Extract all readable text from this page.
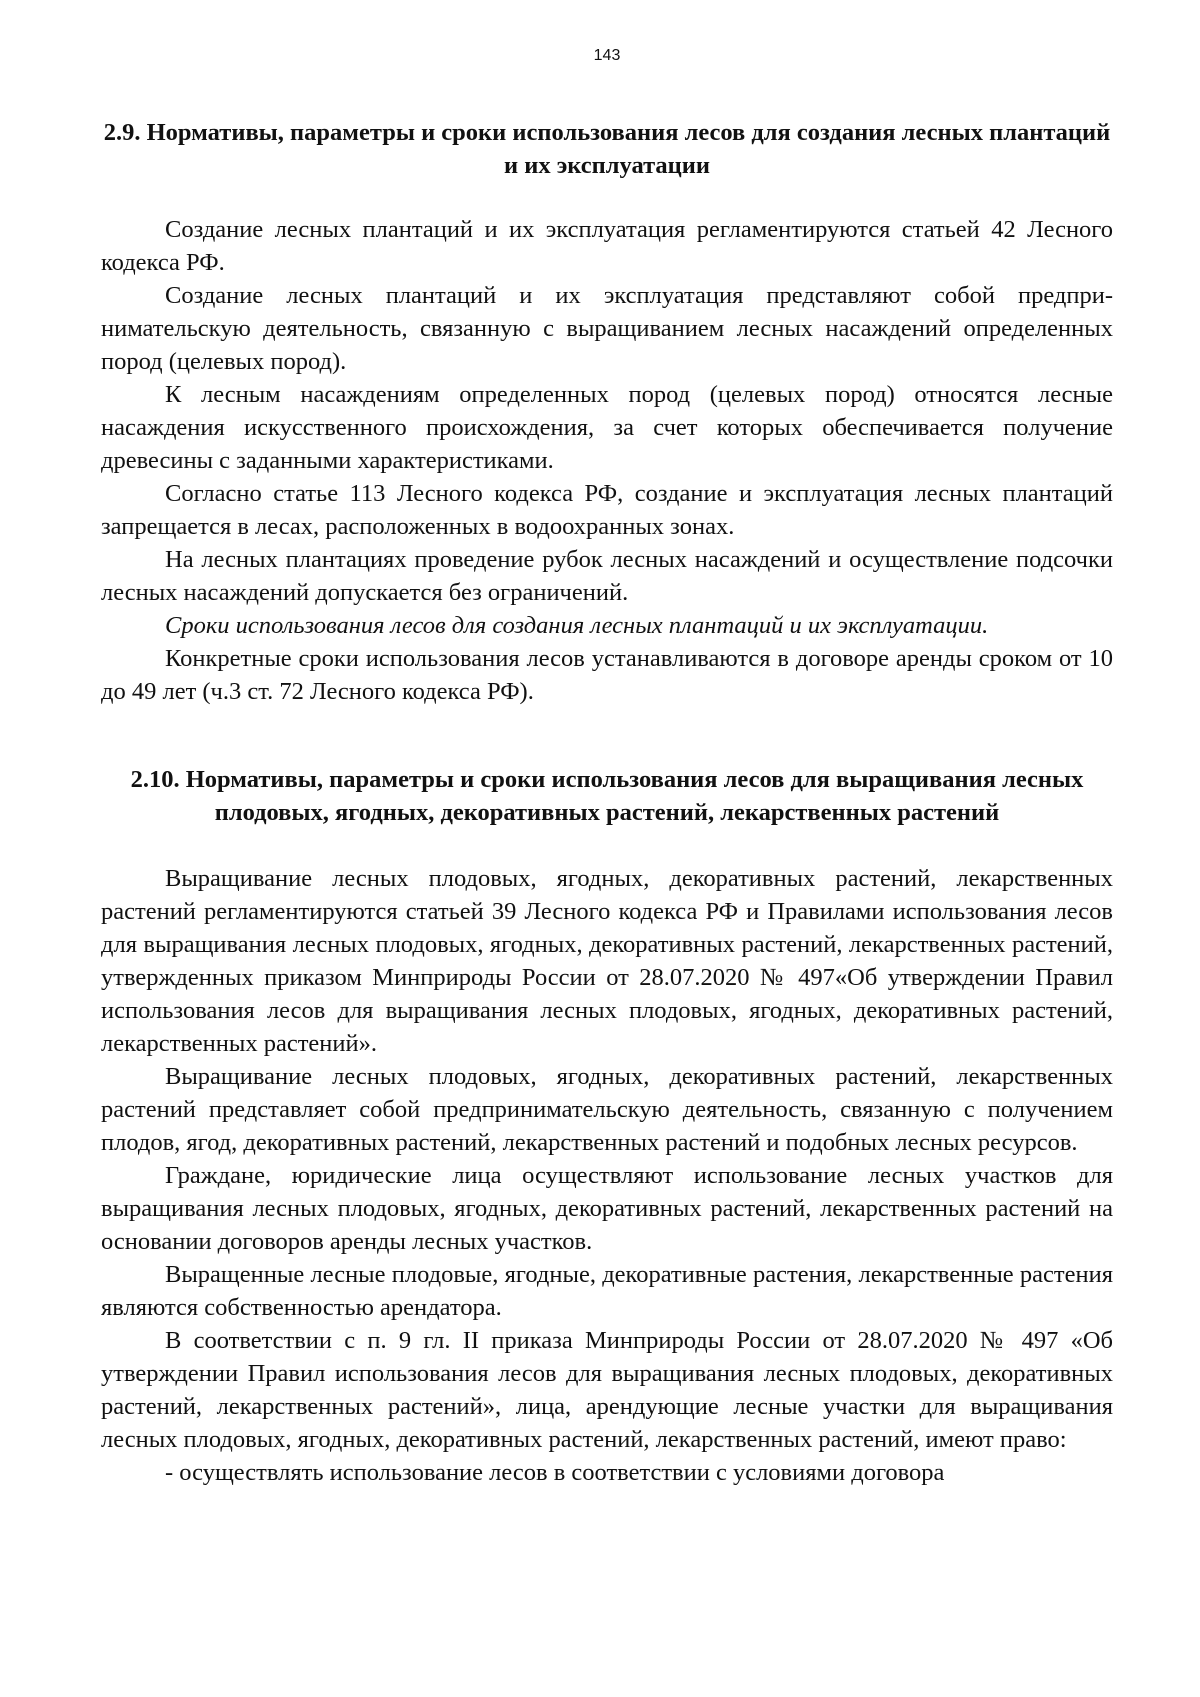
143
2.9. Нормативы, параметры и сроки использования лесов для создания лесных плантаций и их эксплуатации

Создание лесных плантаций и их эксплуатация регламентируются статьей 42 Лесного кодекса РФ.

Создание лесных плантаций и их эксплуатация представляют собой предпринимательскую деятельность, связанную с выращиванием лесных насаждений определенных пород (целевых пород).

К лесным насаждениям определенных пород (целевых пород) относятся лесные насаждения искусственного происхождения, за счет которых обеспечивается получение древесины с заданными характеристиками.

Согласно статье 113 Лесного кодекса РФ, создание и эксплуатация лесных плантаций запрещается в лесах, расположенных в водоохранных зонах.

На лесных плантациях проведение рубок лесных насаждений и осуществление подсочки лесных насаждений допускается без ограничений.

Сроки использования лесов для создания лесных плантаций и их эксплуатации.

Конкретные сроки использования лесов устанавливаются в договоре аренды сроком от 10 до 49 лет (ч.3 ст. 72 Лесного кодекса РФ).

2.10. Нормативы, параметры и сроки использования лесов для выращивания лесных плодовых, ягодных, декоративных растений, лекарственных растений

Выращивание лесных плодовых, ягодных, декоративных растений, лекарственных растений регламентируются статьей 39 Лесного кодекса РФ и Правилами использования лесов для выращивания лесных плодовых, ягодных, декоративных растений, лекарственных растений, утвержденных приказом Минприроды России от 28.07.2020 № 497«Об утверждении Правил использования лесов для выращивания лесных плодовых, ягодных, декоративных растений, лекарственных растений».

Выращивание лесных плодовых, ягодных, декоративных растений, лекарственных растений представляет собой предпринимательскую деятельность, связанную с получением плодов, ягод, декоративных растений, лекарственных растений и подобных лесных ресурсов.

Граждане, юридические лица осуществляют использование лесных участков для выращивания лесных плодовых, ягодных, декоративных растений, лекарственных растений на основании договоров аренды лесных участков.

Выращенные лесные плодовые, ягодные, декоративные растения, лекарственные растения являются собственностью арендатора.

В соответствии с п. 9 гл. II приказа Минприроды России от 28.07.2020 № 497 «Об утверждении Правил использования лесов для выращивания лесных плодовых, декоративных растений, лекарственных растений», лица, арендующие лесные участки для выращивания лесных плодовых, ягодных, декоративных растений, лекарственных растений, имеют право:

- осуществлять использование лесов в соответствии с условиями договора
